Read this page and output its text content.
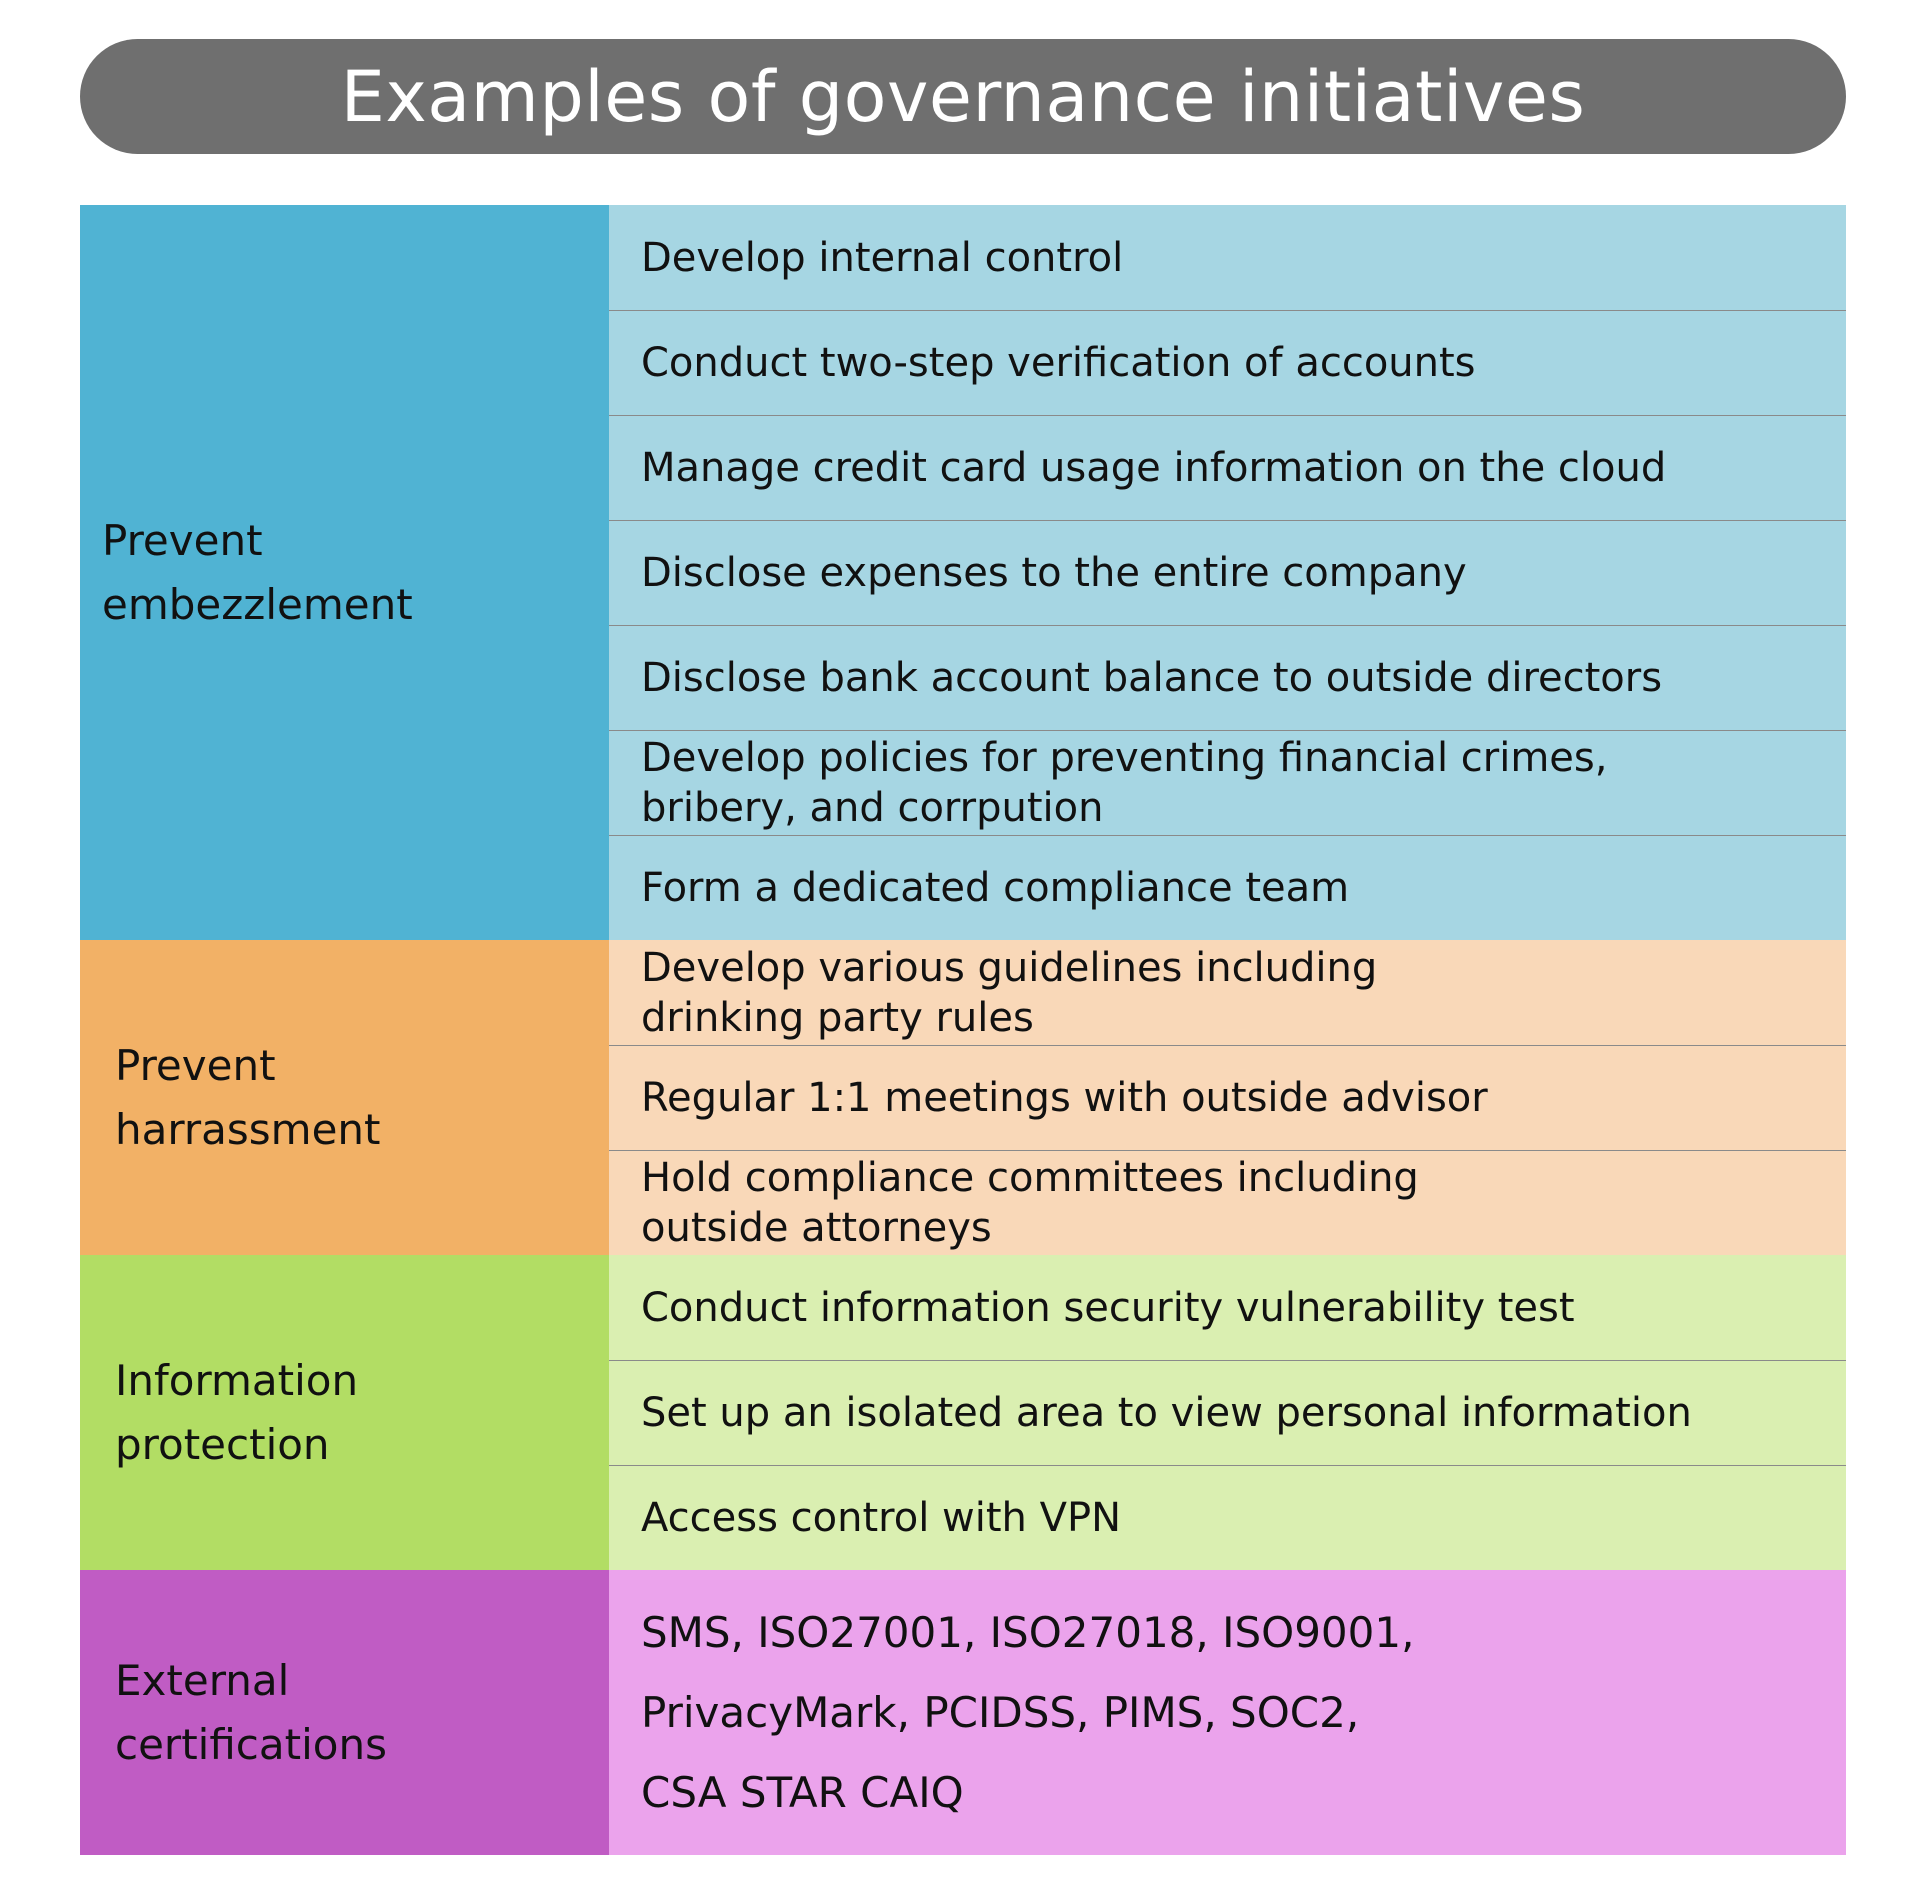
Examples of governance initiatives
Prevent
embezzlement
Develop internal control
Conduct two-step verification of accounts
Manage credit card usage information on the cloud
Disclose expenses to the entire company
Disclose bank account balance to outside directors
Develop policies for preventing financial crimes,
bribery, and corrpution
Form a dedicated compliance team
Prevent
harrassment
Develop various guidelines including
drinking party rules
Regular 1:1 meetings with outside advisor
Hold compliance committees including
outside attorneys
Information
protection
Conduct information security vulnerability test
Set up an isolated area to view personal information
Access control with VPN
External
certifications
SMS, ISO27001, ISO27018, ISO9001,
PrivacyMark, PCIDSS, PIMS, SOC2,
CSA STAR CAIQ
